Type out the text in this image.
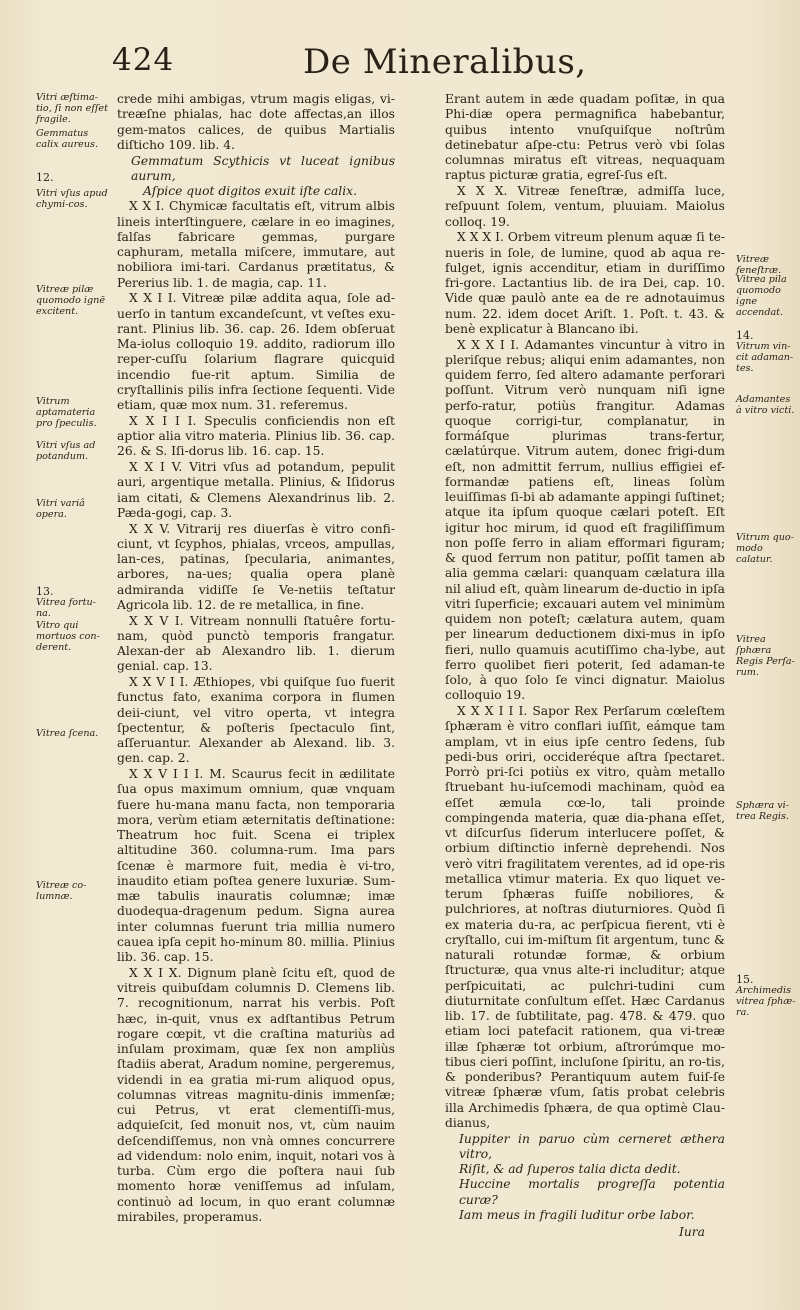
424	De Mineralibus,

crede mihi ambigas, vtrum magis eligas, vi-treæſne phialas, hac dote affectas,an illos gem-matos calices, de quibus Martialis diſticho 109. lib. 4.

Gemmatum Scythicis vt luceat ignibus aurum,

Aſpice quot digitos exuit iſte calix.

X X I. Chymicæ facultatis eſt, vitrum albis lineis interſtinguere, cælare in eo imagines, falſas fabricare gemmas, purgare caphuram, metalla miſcere, immutare, aut nobiliora imi-tari. Cardanus prætitatus, & Pererius lib. 1. de magia, cap. 11.

X X I I. Vitreæ pilæ addita aqua, ſole ad-uerſo in tantum excandeſcunt, vt veſtes exu-rant. Plinius lib. 36. cap. 26. Idem obſeruat Ma-iolus colloquio 19. addito, radiorum illo reper-cuſſu ſolarium flagrare quicquid incendio fue-rit aptum. Similia de cryſtallinis pilis infra ſectione ſequenti. Vide etiam, quæ mox num. 31. referemus.

X X I I I. Speculis conficiendis non eſt aptior alia vitro materia. Plinius lib. 36. cap. 26. & S. Iſi-dorus lib. 16. cap. 15.

X X I V. Vitri vſus ad potandum, pepulit auri, argentique metalla. Plinius, & Iſidorus iam citati, & Clemens Alexandrinus lib. 2. Pæda-gogi, cap. 3.

X X V. Vitrarij res diuerſas è vitro confi-ciunt, vt ſcyphos, phialas, vrceos, ampullas, lan-ces, patinas, ſpecularia, animantes, arbores, na-ues; qualia opera planè admiranda vidiſſe ſe Ve-netiis teſtatur Agricola lib. 12. de re metallica, in fine.

X X V I. Vitream nonnulli ſtatuêre fortu-nam, quòd punctò temporis frangatur. Alexan-der ab Alexandro lib. 1. dierum genial. cap. 13.

X X V I I. Æthiopes, vbi quiſque ſuo fuerit functus fato, exanima corpora in flumen deii-ciunt, vel vitro operta, vt integra ſpectentur, & poſteris ſpectaculo ſint, aſſeruantur. Alexander ab Alexand. lib. 3. gen. cap. 2.

X X V I I I. M. Scaurus fecit in ædilitate ſua opus maximum omnium, quæ vnquam fuere hu-mana manu facta, non temporaria mora, verùm etiam æternitatis deſtinatione: Theatrum hoc fuit. Scena ei triplex altitudine 360. columna-rum. Ima pars ſcenæ è marmore fuit, media è vi-tro, inaudito etiam poſtea genere luxuriæ. Sum-mæ tabulis inauratis columnæ; imæ duodequa-dragenum pedum. Signa aurea inter columnas fuerunt tria millia numero cauea ipſa cepit ho-minum 80. millia. Plinius lib. 36. cap. 15.

X X I X. Dignum planè ſcitu eſt, quod de vitreis quibuſdam columnis D. Clemens lib. 7. recognitionum, narrat his verbis. Poſt hæc, in-quit, vnus ex adſtantibus Petrum rogare cœpit, vt die craſtina maturiùs ad inſulam proximam, quæ ſex non ampliùs ſtadiis aberat, Aradum nomine, pergeremus, videndi in ea gratia mi-rum aliquod opus, columnas vitreas magnitu-dinis immenſæ; cui Petrus, vt erat clementiſſi-mus, adquieſcit, ſed monuit nos, vt, cùm nauim deſcendiſſemus, non vnà omnes concurrere ad videndum: nolo enim, inquit, notari vos à turba. Cùm ergo die poſtera naui ſub momento horæ veniſſemus ad inſulam, continuò ad locum, in quo erant columnæ mirabiles, properamus.

Erant autem in æde quadam poſitæ, in qua Phi-diæ opera permagnifica habebantur, quibus intento vnuſquiſque noſtrûm detinebatur aſpe-ctu: Petrus verò vbi ſolas columnas miratus eſt vitreas, nequaquam raptus picturæ gratia, egreſ-ſus eſt.

X X X. Vitreæ feneſtræ, admiſſa luce, reſpuunt ſolem, ventum, pluuiam. Maiolus colloq. 19.

X X X I. Orbem vitreum plenum aquæ ſi te-nueris in ſole, de lumine, quod ab aqua re-fulget, ignis accenditur, etiam in duriſſimo fri-gore. Lactantius lib. de ira Dei, cap. 10. Vide quæ paulò ante ea de re adnotauimus num. 22. idem docet Ariſt. 1. Poſt. t. 43. & benè explicatur à Blancano ibi.

X X X I I. Adamantes vincuntur à vitro in pleriſque rebus; aliqui enim adamantes, non quidem ferro, ſed altero adamante perforari poſſunt. Vitrum verò nunquam niſi igne perfo-ratur, potiùs frangitur. Adamas quoque corrigi-tur, complanatur, in formáſque plurimas trans-fertur, cælatúrque. Vitrum autem, donec frigi-dum eſt, non admittit ferrum, nullius effigiei ef-formandæ patiens eſt, lineas ſolùm leuiſſimas ſi-bi ab adamante appingi ſuſtinet; atque ita ipſum quoque cælari poteſt. Eſt igitur hoc mirum, id quod eſt fragiliſſimum non poſſe ferro in aliam efformari figuram; & quod ferrum non patitur, poſſit tamen ab alia gemma cælari: quanquam cælatura illa nil aliud eſt, quàm linearum de-ductio in ipſa vitri ſuperficie; excauari autem vel minimùm quidem non poteſt; cælatura autem, quam per linearum deductionem dixi-mus in ipſo fieri, nullo quamuis acutiſſimo cha-lybe, aut ferro quolibet fieri poterit, ſed adaman-te ſolo, à quo ſolo ſe vinci dignatur. Maiolus colloquio 19.

X X X I I I. Sapor Rex Perſarum cœleſtem ſphæram è vitro conflari iuſſit, eámque tam amplam, vt in eius ipſe centro ſedens, ſub pedi-bus oriri, occideréque aſtra ſpectaret. Porrò pri-ſci potiùs ex vitro, quàm metallo ſtruebant hu-iuſcemodi machinam, quòd ea eſſet æmula cœ-lo, tali proinde compingenda materia, quæ dia-phana eſſet, vt diſcurſus ſiderum interlucere poſſet, & orbium diſtinctio infernè deprehendi. Nos verò vitri fragilitatem verentes, ad id ope-ris metallica vtimur materia. Ex quo liquet ve-terum ſphæras fuiſſe nobiliores, & pulchriores, at noſtras diuturniores. Quòd ſi ex materia du-ra, ac perſpicua fierent, vti è cryſtallo, cui im-miſtum ſit argentum, tunc & naturali rotundæ formæ, & orbium ſtructuræ, qua vnus alte-ri includitur; atque perſpicuitati, ac pulchri-tudini cum diuturnitate conſultum eſſet. Hæc Cardanus lib. 17. de ſubtilitate, pag. 478. & 479. quo etiam loci patefacit rationem, qua vi-treæ illæ ſphæræ tot orbium, aſtrorúmque mo-tibus cieri poſſint, incluſone ſpiritu, an ro-tis, & ponderibus? Perantiquum autem fuiſ-ſe vitreæ ſphæræ vſum, ſatis probat celebris illa Archimedis ſphæra, de qua optimè Clau-dianus,

Iuppiter in paruo cùm cerneret æthera vitro,

Riſit, & ad ſuperos talia dicta dedit.

Huccine mortalis progreſſa potentia curæ?

Iam meus in fragili luditur orbe labor.

Iura

Vitri æſtima-tio, ſi non eſſet fragile.
Gemmatus calix aureus.
12.
Vitri vſus apud chymi-cos.
Vitreæ pilæ quomodo ignē excitent.
Vitrum aptamateria pro ſpeculis.
Vitri vſus ad potandum.
Vitri variâ opera.
13.
Vitrea fortu-na.
Vitro qui mortuos con-derent.
Vitrea ſcena.
Vitreæ co-lumnæ.
Vitreæ feneſtræ.
Vitrea pila quomodo igne accendat.
14.
Vitrum vin-cit adaman-tes.
Adamantes à vitro victi.
Vitrum quo-modo calatur.
Vitrea ſphæra Regis Perſa-rum.
Sphæra vi-trea Regis.
15.
Archimedis vitrea ſphæ-ra.
